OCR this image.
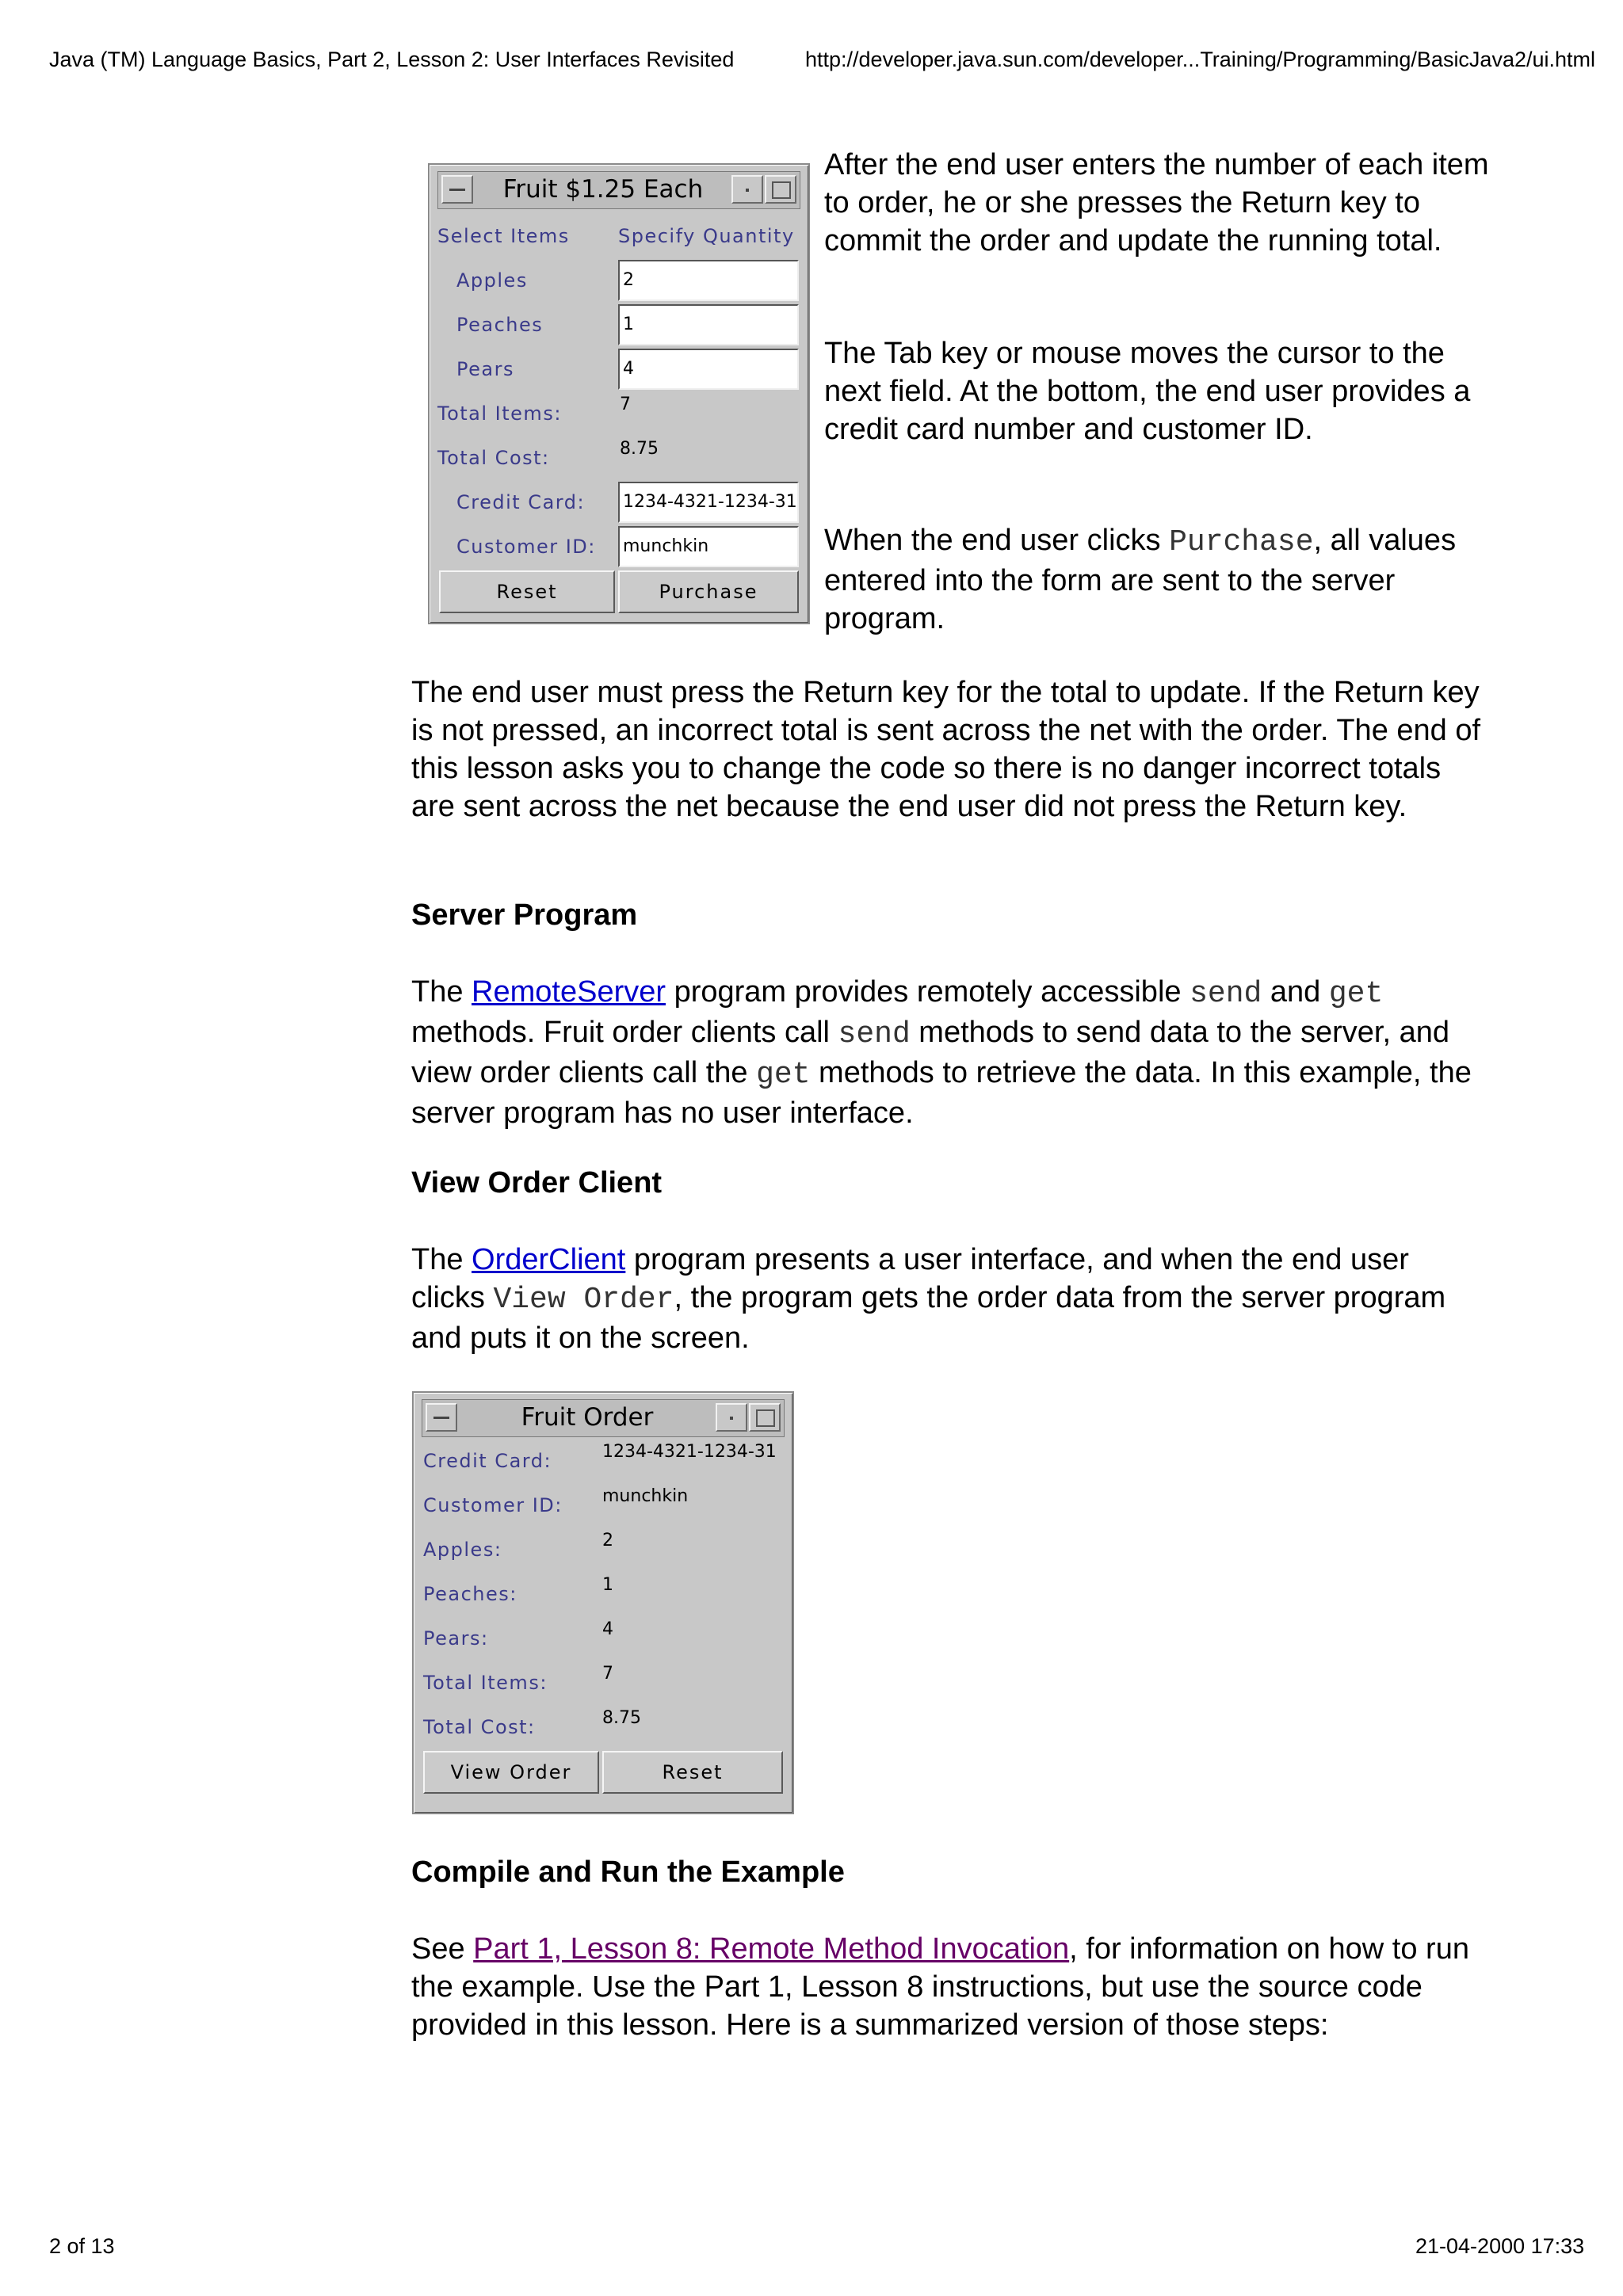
Java (TM) Language Basics, Part 2, Lesson 2: User Interfaces Revisited	http://developer.java.sun.com/developer...Training/Programming/BasicJava2/ui.html
Fruit $1.25 Each
Select Items	Specify Quantity
Apples	2
Peaches	1
Pears	4
Total Items:	7
Total Cost:	8.75
Credit Card: 1234-4321-1234-31
Customer ID: munchkin
Reset	Purchase

After the end user enters the number of each item to order, he or she presses the Return key to commit the order and update the running total.

The Tab key or mouse moves the cursor to the next field. At the bottom, the end user provides a credit card number and customer ID.

When the end user clicks Purchase, all values entered into the form are sent to the server program.

The end user must press the Return key for the total to update. If the Return key is not pressed, an incorrect total is sent across the net with the order. The end of this lesson asks you to change the code so there is no danger incorrect totals are sent across the net because the end user did not press the Return key.

Server Program

The RemoteServer program provides remotely accessible send and get methods. Fruit order clients call send methods to send data to the server, and view order clients call the get methods to retrieve the data. In this example, the server program has no user interface.

View Order Client

The OrderClient program presents a user interface, and when the end user clicks View Order, the program gets the order data from the server program and puts it on the screen.

Fruit Order
Credit Card:	1234-4321-1234-31
Customer ID: munchkin
Apples:	2
Peaches:	1
Pears:	4
Total Items:	7
Total Cost:	8.75
View Order	Reset
Compile and Run the Example

See Part 1, Lesson 8: Remote Method Invocation, for information on how to run the example. Use the Part 1, Lesson 8 instructions, but use the source code provided in this lesson. Here is a summarized version of those steps:

2 of 13	21-04-2000 17:33
